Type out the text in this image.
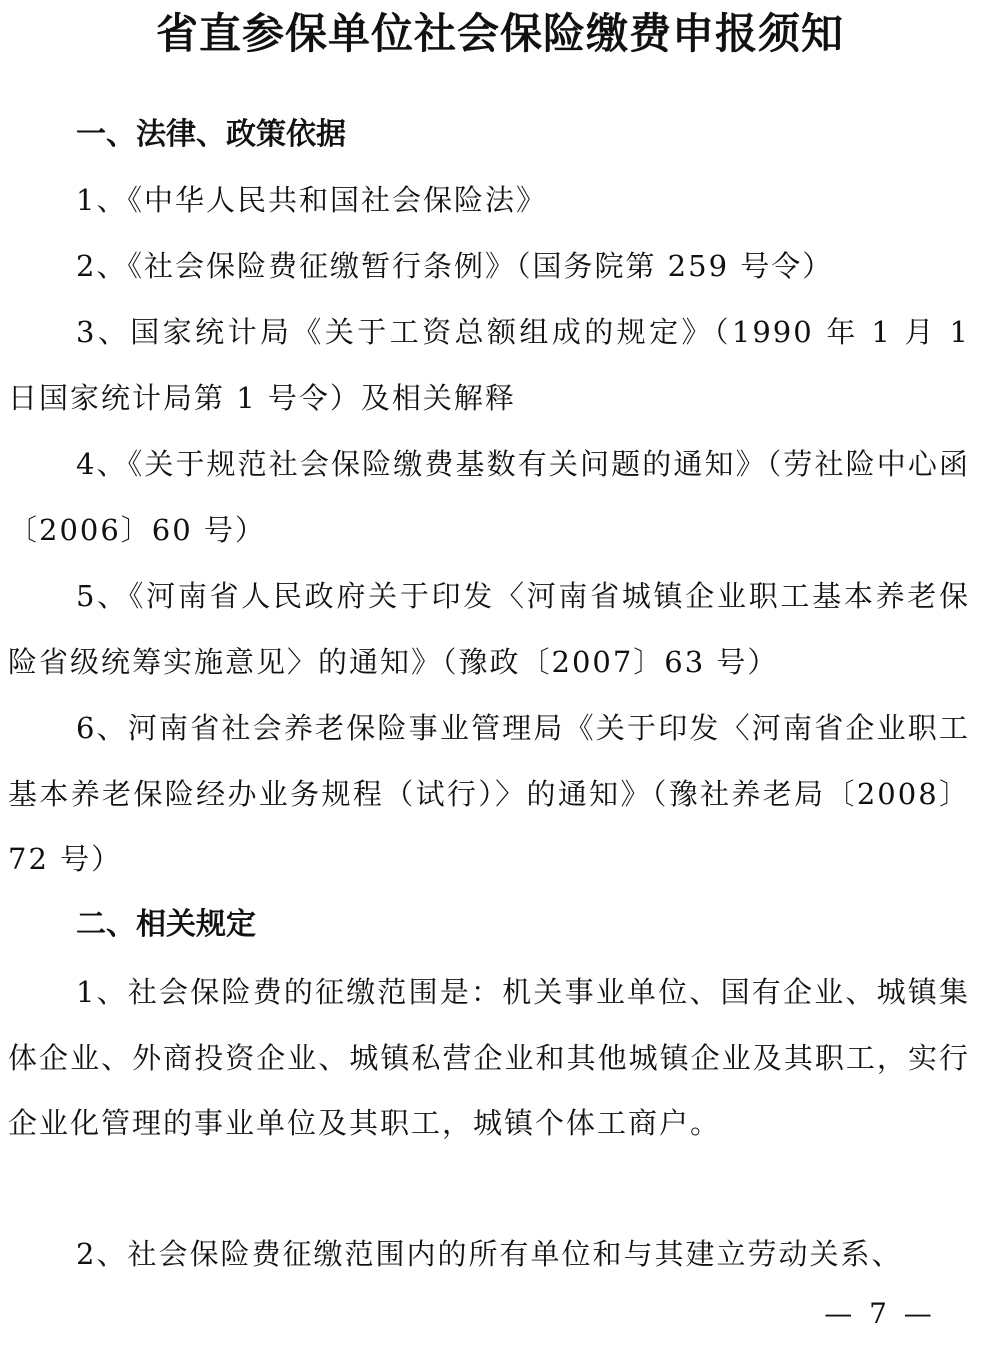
省直参保单位社会保险缴费申报须知
一、法律、政策依据
1、《中华人民共和国社会保险法》
2、《社会保险费征缴暂行条例》（国务院第 259 号令）
3、国家统计局《关于工资总额组成的规定》（1990 年 1 月 1 日国家统计局第 1 号令）及相关解释
4、《关于规范社会保险缴费基数有关问题的通知》（劳社险中心函〔2006〕60 号）
5、《河南省人民政府关于印发〈河南省城镇企业职工基本养老保险省级统筹实施意见〉的通知》（豫政〔2007〕63 号）
6、河南省社会养老保险事业管理局《关于印发〈河南省企业职工基本养老保险经办业务规程（试行）〉的通知》（豫社养老局〔2008〕72 号）
二、相关规定
1、社会保险费的征缴范围是：机关事业单位、国有企业、城镇集体企业、外商投资企业、城镇私营企业和其他城镇企业及其职工，实行企业化管理的事业单位及其职工，城镇个体工商户。
2、社会保险费征缴范围内的所有单位和与其建立劳动关系、
— 7 —
